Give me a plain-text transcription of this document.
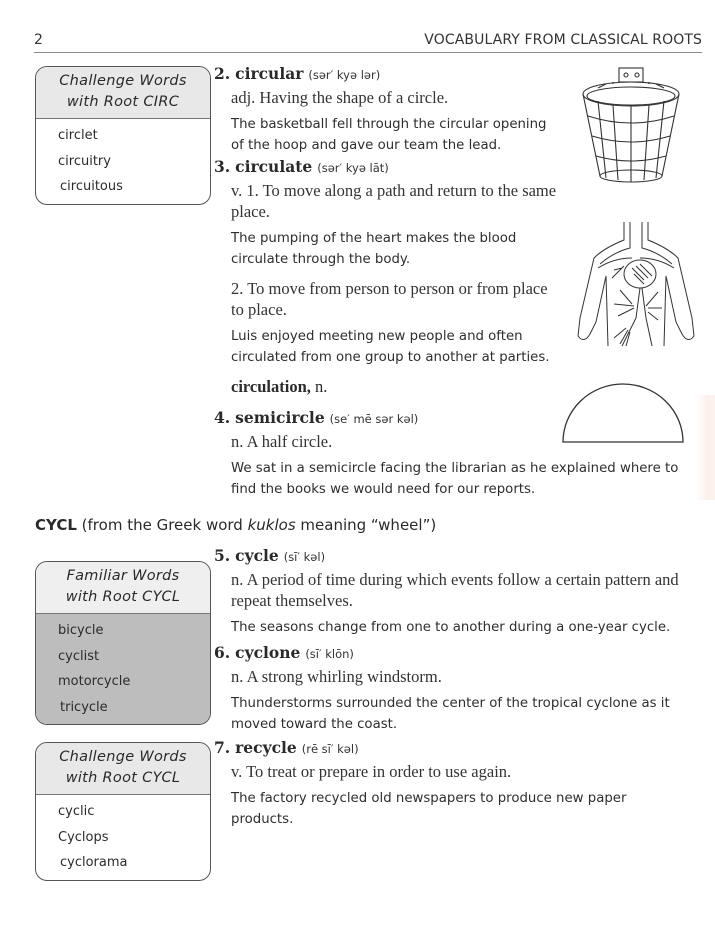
2	VOCABULARY FROM CLASSICAL ROOTS
Challenge Words
with Root CIRC
circlet
circuitry
circuitous
2. circular (sər′ kyə lər)
adj. Having the shape of a circle.
The basketball fell through the circular opening of the hoop and gave our team the lead.
3. circulate (sər′ kyə lāt)
v. 1. To move along a path and return to the same place.
The pumping of the heart makes the blood circulate through the body.
2. To move from person to person or from place to place.
Luis enjoyed meeting new people and often circulated from one group to another at parties.
circulation, n.
4. semicircle (se′ mē sər kəl)
n. A half circle.
We sat in a semicircle facing the librarian as he explained where to find the books we would need for our reports.
CYCL (from the Greek word kuklos meaning “wheel”)
Familiar Words
with Root CYCL
bicycle
cyclist
motorcycle
tricycle
5. cycle (sī′ kəl)
n. A period of time during which events follow a certain pattern and repeat themselves.
The seasons change from one to another during a one-year cycle.
6. cyclone (sī′ klōn)
n. A strong whirling windstorm.
Thunderstorms surrounded the center of the tropical cyclone as it moved toward the coast.
Challenge Words
with Root CYCL
cyclic
Cyclops
cyclorama
7. recycle (rē sī′ kəl)
v. To treat or prepare in order to use again.
The factory recycled old newspapers to produce new paper products.
